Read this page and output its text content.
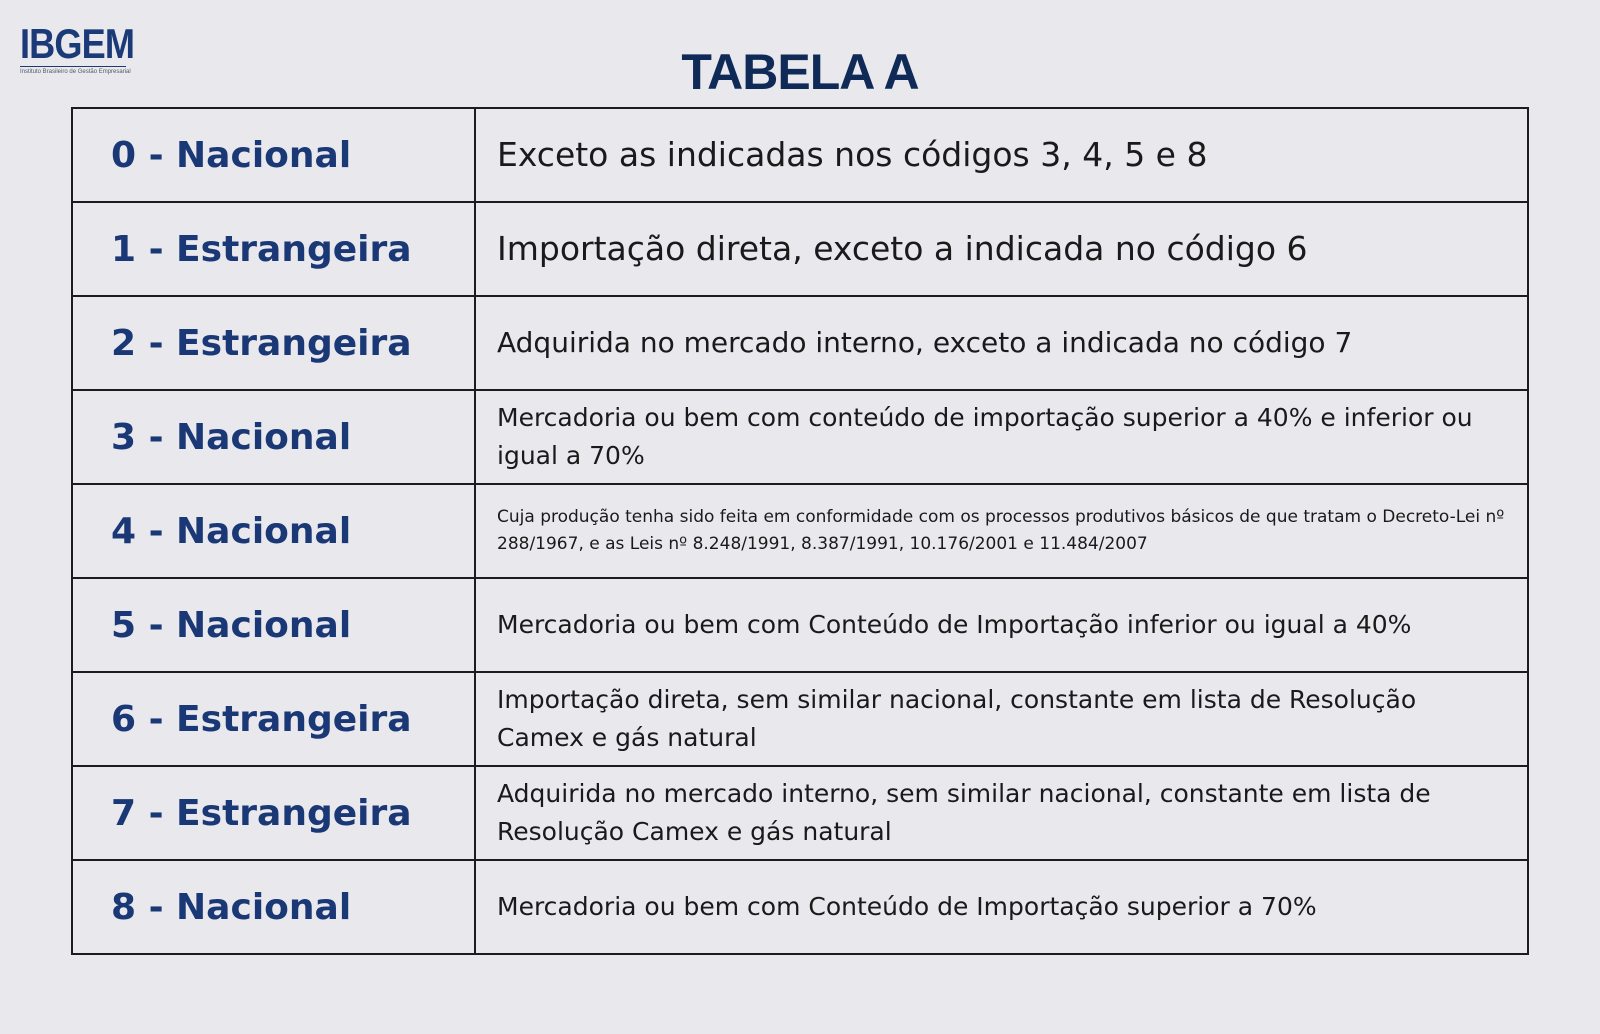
IBGEM
Instituto Brasileiro de Gestão Empresarial	TABELA A
0 - Nacional	Exceto as indicadas nos códigos 3, 4, 5 e 8
1 - Estrangeira	Importação direta, exceto a indicada no código 6
2 - Estrangeira	Adquirida no mercado interno, exceto a indicada no código 7
3 - Nacional	Mercadoria ou bem com conteúdo de importação superior a 40% e inferior ou igual a 70%
4 - Nacional	Cuja produção tenha sido feita em conformidade com os processos produtivos básicos de que tratam o Decreto-Lei nº 288/1967, e as Leis nº 8.248/1991, 8.387/1991, 10.176/2001 e 11.484/2007
5 - Nacional	Mercadoria ou bem com Conteúdo de Importação inferior ou igual a 40%
6 - Estrangeira	Importação direta, sem similar nacional, constante em lista de Resolução Camex e gás natural
7 - Estrangeira	Adquirida no mercado interno, sem similar nacional, constante em lista de Resolução Camex e gás natural
8 - Nacional	Mercadoria ou bem com Conteúdo de Importação superior a 70%
